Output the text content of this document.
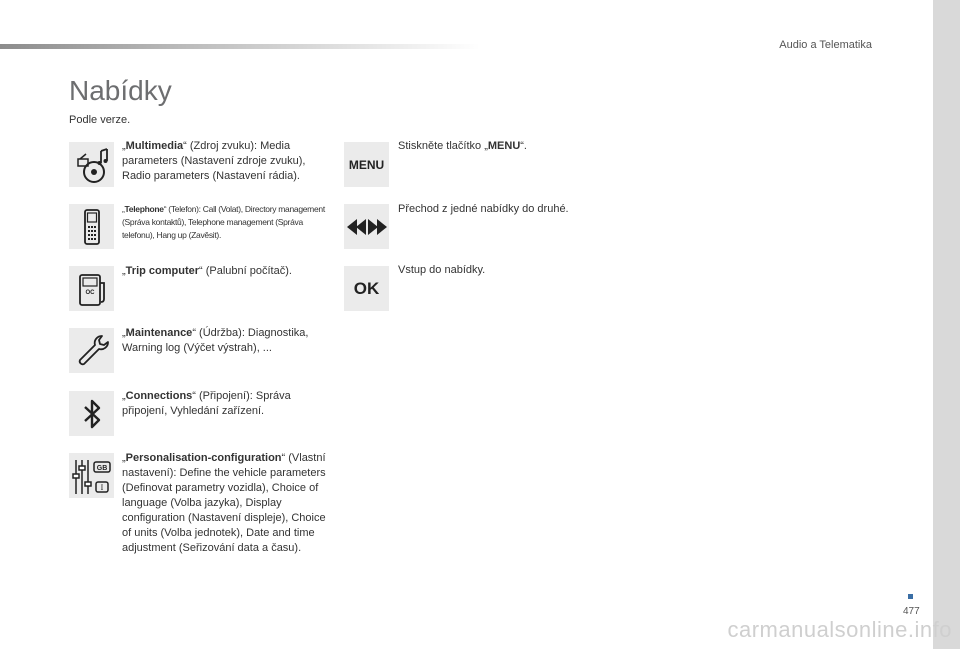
Audio a Telematika
Nabídky
Podle verze.
„Multimedia“ (Zdroj zvuku): Media parameters (Nastavení zdroje zvuku), Radio parameters (Nastavení rádia).
„Telephone“ (Telefon): Call (Volat), Directory management (Správa kontaktů), Telephone management (Správa telefonu), Hang up (Zavěsit).
OC
„Trip computer“ (Palubní počítač).
„Maintenance“ (Údržba): Diagnostika, Warning log (Výčet výstrah), ...
„Connections“ (Připojení): Správa připojení, Vyhledání zařízení.
GB
I
„Personalisation-configuration“ (Vlastní nastavení): Define the vehicle parameters (Definovat parametry vozidla), Choice of language (Volba jazyka), Display configuration (Nastavení displeje), Choice of units (Volba jednotek), Date and time adjustment (Seřizování data a času).
MENU
Stiskněte tlačítko „MENU“.
Přechod z jedné nabídky do druhé.
OK
Vstup do nabídky.
477
carmanualsonline.info
